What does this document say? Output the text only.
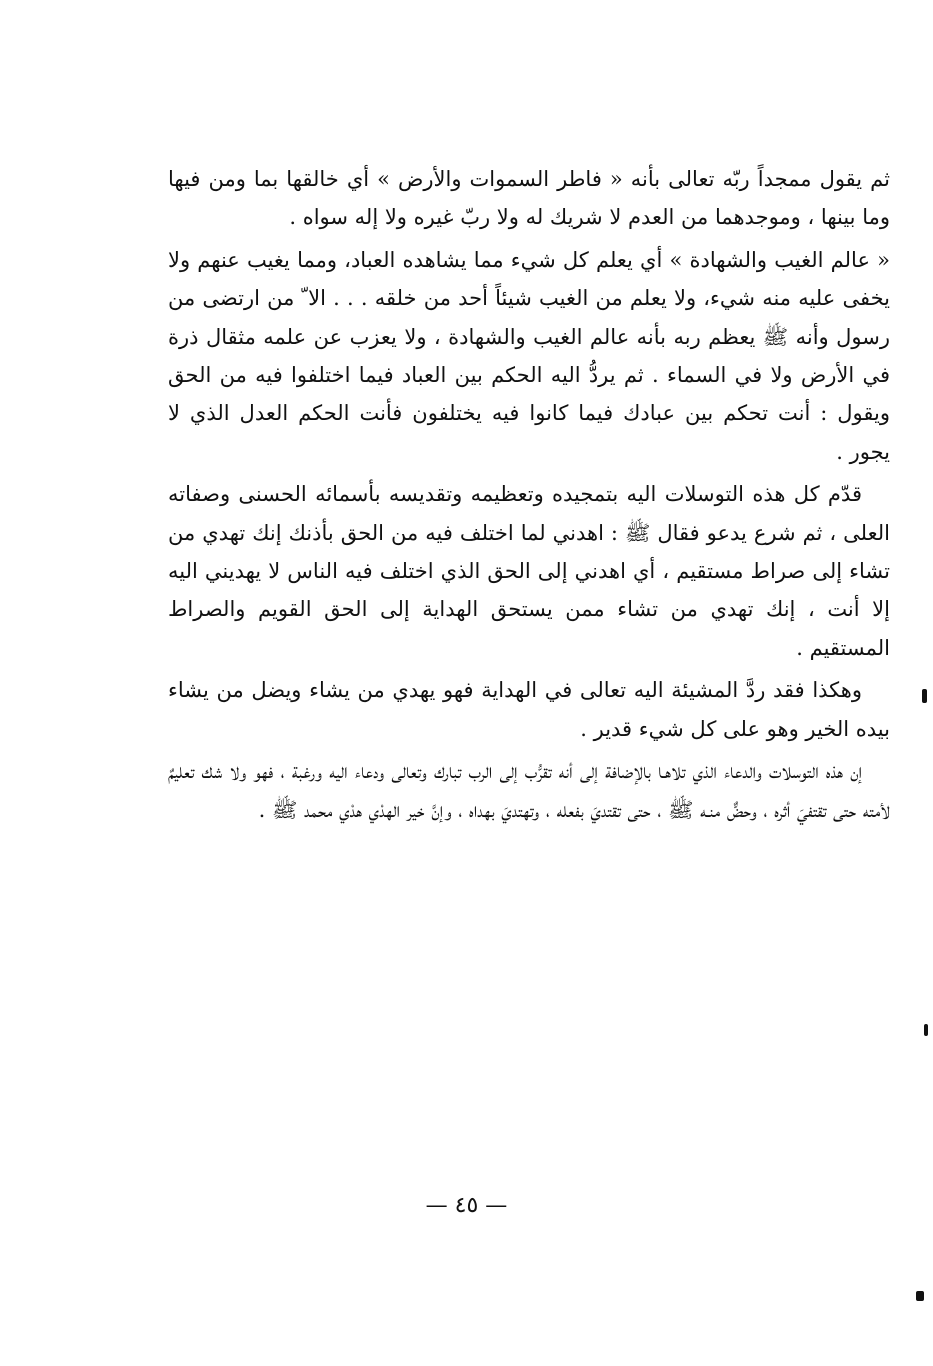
ثم يقول ممجداً ربّه تعالى بأنه « فاطر السموات والأرض » أي خالقها بما ومن فيها وما بينها ، وموجدهما من العدم لا شريك له ولا ربّ غيره ولا إله سواه .

« عالم الغيب والشهادة » أي يعلم كل شيء مما يشاهده العباد، ومما يغيب عنهم ولا يخفى عليه منه شيء، ولا يعلم من الغيب شيئاً أحد من خلقه . . . الا ّ من ارتضى من رسول وأنه ﷺ يعظم ربه بأنه عالم الغيب والشهادة ، ولا يعزب عن علمه مثقال ذرة في الأرض ولا في السماء . ثم يردُّ اليه الحكم بين العباد فيما اختلفوا فيه من الحق ويقول : أنت تحكم بين عبادك فيما كانوا فيه يختلفون فأنت الحكم العدل الذي لا يجور .

قدّم كل هذه التوسلات اليه بتمجيده وتعظيمه وتقديسه بأسمائه الحسنى وصفاته العلى ، ثم شرع يدعو فقال ﷺ : اهدني لما اختلف فيه من الحق بأذنك إنك تهدي من تشاء إلى صراط مستقيم ، أي اهدني إلى الحق الذي اختلف فيه الناس لا يهديني اليه إلا أنت ، إنك تهدي من تشاء ممن يستحق الهداية إلى الحق القويم والصراط المستقيم .

وهكذا فقد ردَّ المشيئة اليه تعالى في الهداية فهو يهدي من يشاء ويضل من يشاء بيده الخير وهو على كل شيء قدير .

إن هذه التوسلات والدعاء الذي تلاهـا بالإضافة إلى أنه تقرُّب إلى الرب تبارك وتعالى ودعاء اليه ورغبة ، فهو ولا شك تعليمٌ لأمته حتى تقتفيَ أثره ، وحضٌّ منـه ﷺ ، حتى تقتديَ بفعله ، وتهتديَ بهداه ، وإنَّ خير الهدْي هدْي محمد ﷺ .

— ٤٥ —
